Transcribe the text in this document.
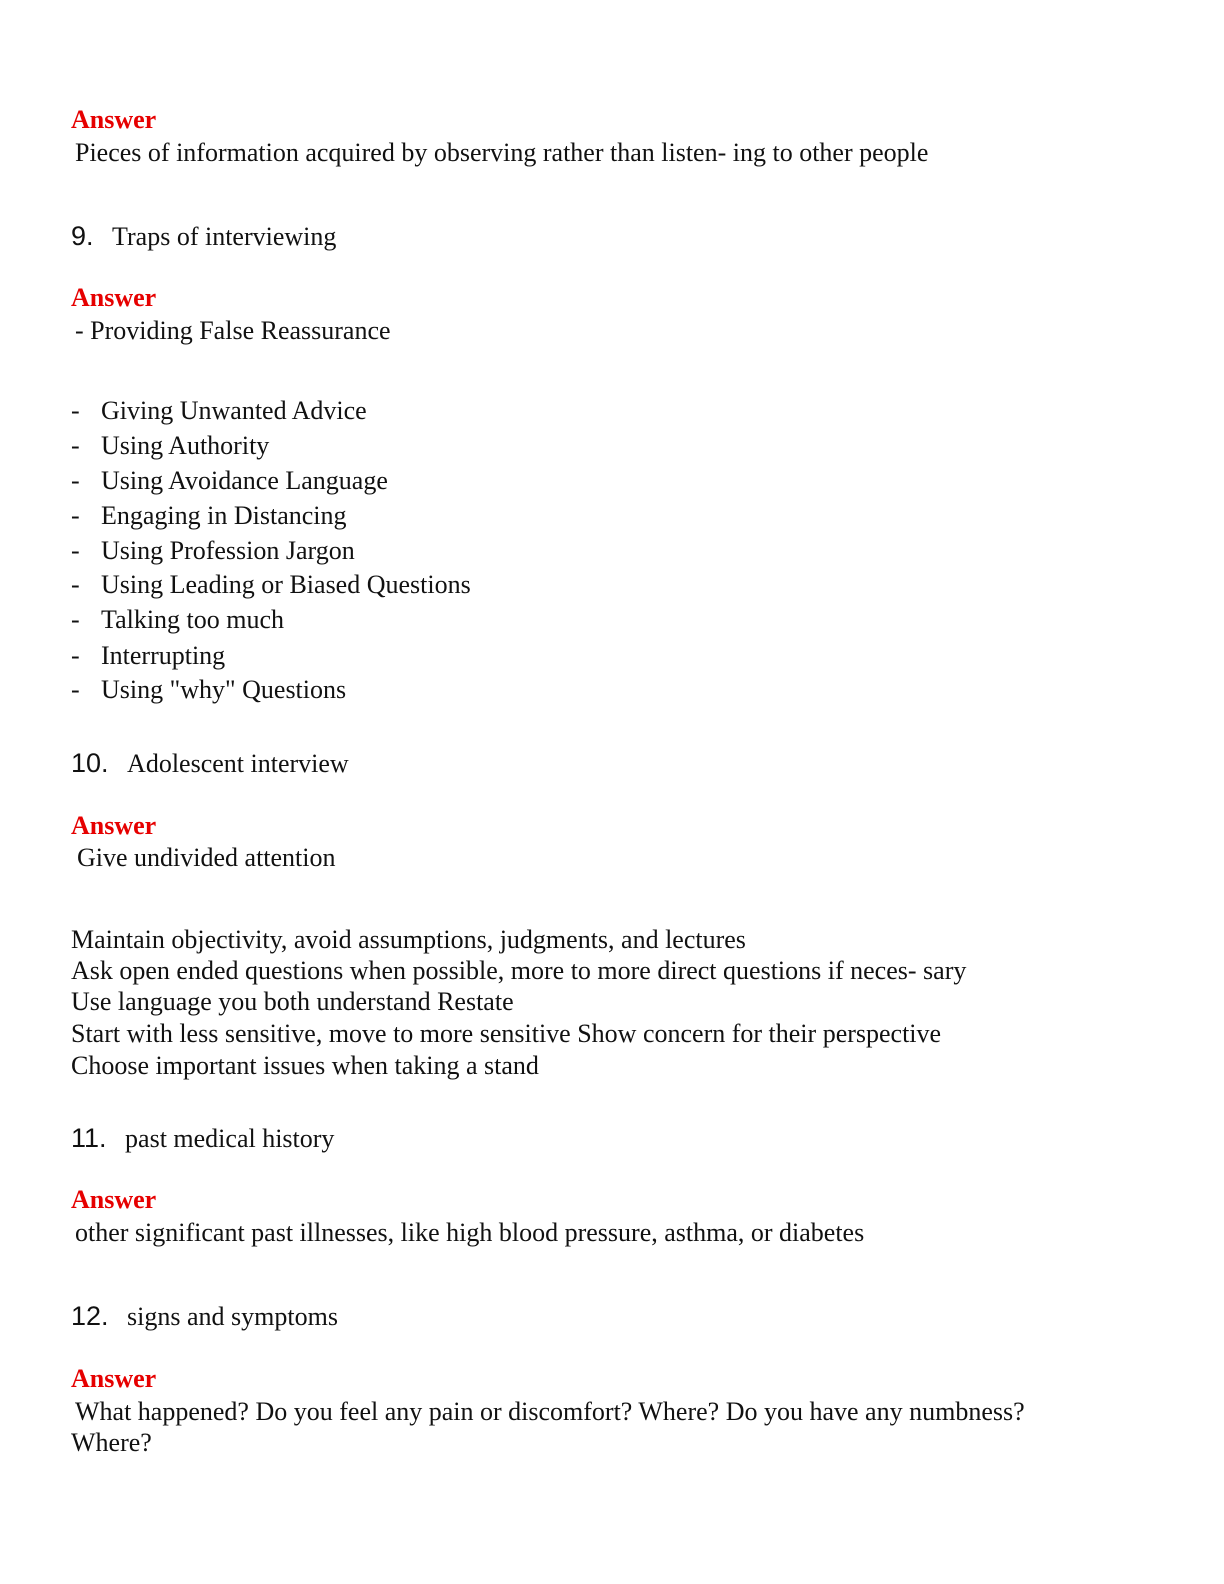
Answer
Pieces of information acquired by observing rather than listen- ing to other people
9. Traps of interviewing
Answer
- Providing False Reassurance
- Giving Unwanted Advice
- Using Authority
- Using Avoidance Language
- Engaging in Distancing
- Using Profession Jargon
- Using Leading or Biased Questions
- Talking too much
- Interrupting
- Using "why" Questions
10. Adolescent interview
Answer
Give undivided attention
Maintain objectivity, avoid assumptions, judgments, and lectures
Ask open ended questions when possible, more to more direct questions if neces- sary
Use language you both understand Restate
Start with less sensitive, move to more sensitive Show concern for their perspective
Choose important issues when taking a stand
11. past medical history
Answer
other significant past illnesses, like high blood pressure, asthma, or diabetes
12. signs and symptoms
Answer
What happened? Do you feel any pain or discomfort? Where? Do you have any numbness?
Where?
